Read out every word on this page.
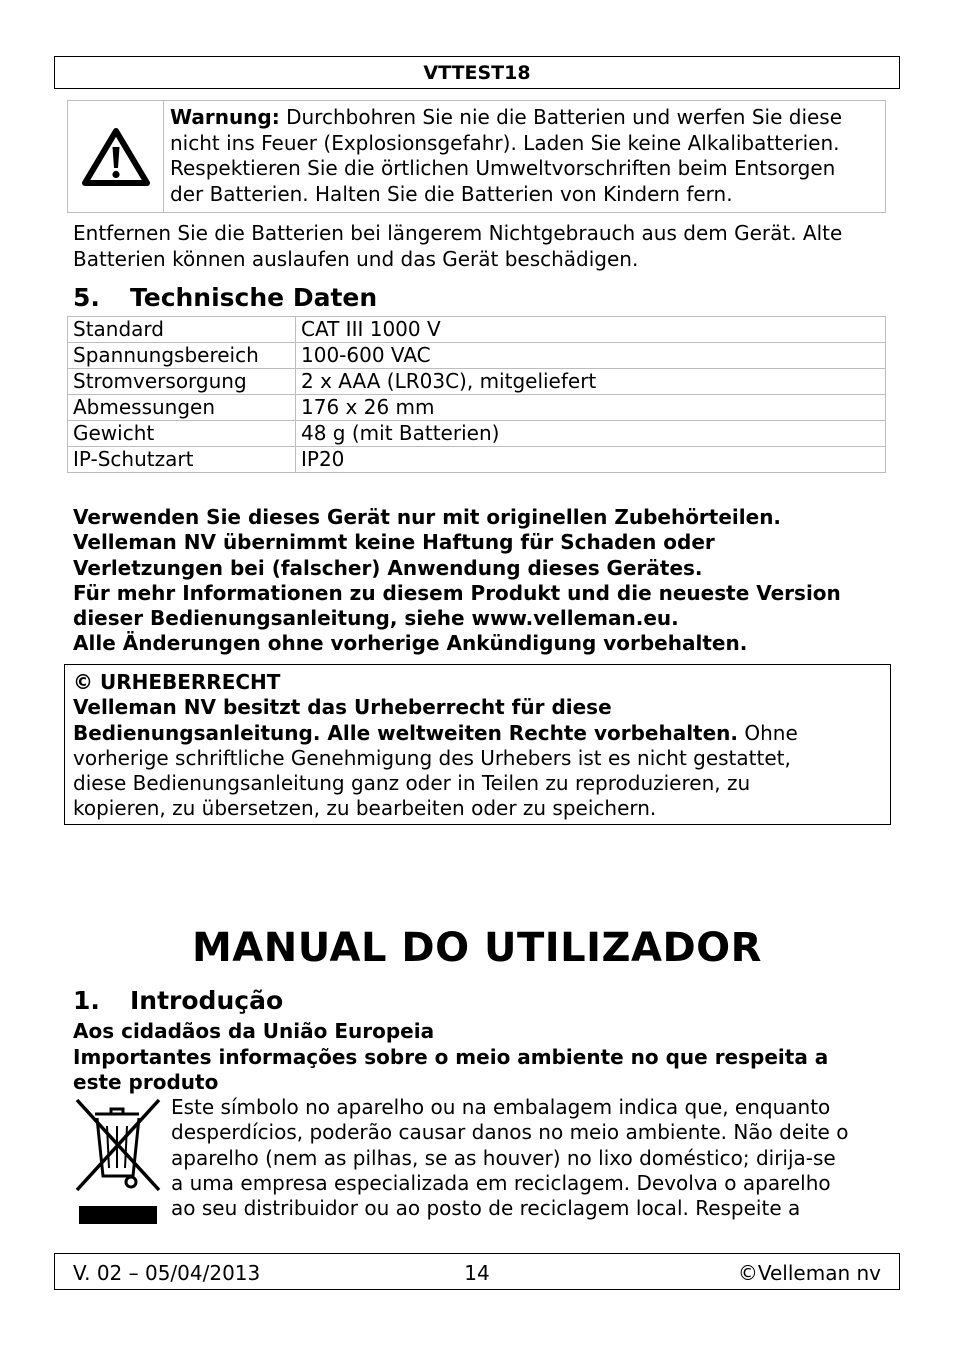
VTTEST18
Warnung: Durchbohren Sie nie die Batterien und werfen Sie diese
nicht ins Feuer (Explosionsgefahr). Laden Sie keine Alkalibatterien.
Respektieren Sie die örtlichen Umweltvorschriften beim Entsorgen
der Batterien. Halten Sie die Batterien von Kindern fern.
Entfernen Sie die Batterien bei längerem Nichtgebrauch aus dem Gerät. Alte
Batterien können auslaufen und das Gerät beschädigen.
5. Technische Daten
Standard	CAT III 1000 V
Spannungsbereich	100-600 VAC
Stromversorgung	2 x AAA (LR03C), mitgeliefert
Abmessungen	176 x 26 mm
Gewicht	48 g (mit Batterien)
IP-Schutzart	IP20
Verwenden Sie dieses Gerät nur mit originellen Zubehörteilen.
Velleman NV übernimmt keine Haftung für Schaden oder
Verletzungen bei (falscher) Anwendung dieses Gerätes.
Für mehr Informationen zu diesem Produkt und die neueste Version
dieser Bedienungsanleitung, siehe www.velleman.eu.
Alle Änderungen ohne vorherige Ankündigung vorbehalten.
© URHEBERRECHT
Velleman NV besitzt das Urheberrecht für diese
Bedienungsanleitung. Alle weltweiten Rechte vorbehalten. Ohne
vorherige schriftliche Genehmigung des Urhebers ist es nicht gestattet,
diese Bedienungsanleitung ganz oder in Teilen zu reproduzieren, zu
kopieren, zu übersetzen, zu bearbeiten oder zu speichern.
MANUAL DO UTILIZADOR
1. Introdução
Aos cidadãos da União Europeia
Importantes informações sobre o meio ambiente no que respeita a
este produto
Este símbolo no aparelho ou na embalagem indica que, enquanto
desperdícios, poderão causar danos no meio ambiente. Não deite o
aparelho (nem as pilhas, se as houver) no lixo doméstico; dirija-se
a uma empresa especializada em reciclagem. Devolva o aparelho
ao seu distribuidor ou ao posto de reciclagem local. Respeite a
14
V. 02 – 05/04/2013	©Velleman nv
